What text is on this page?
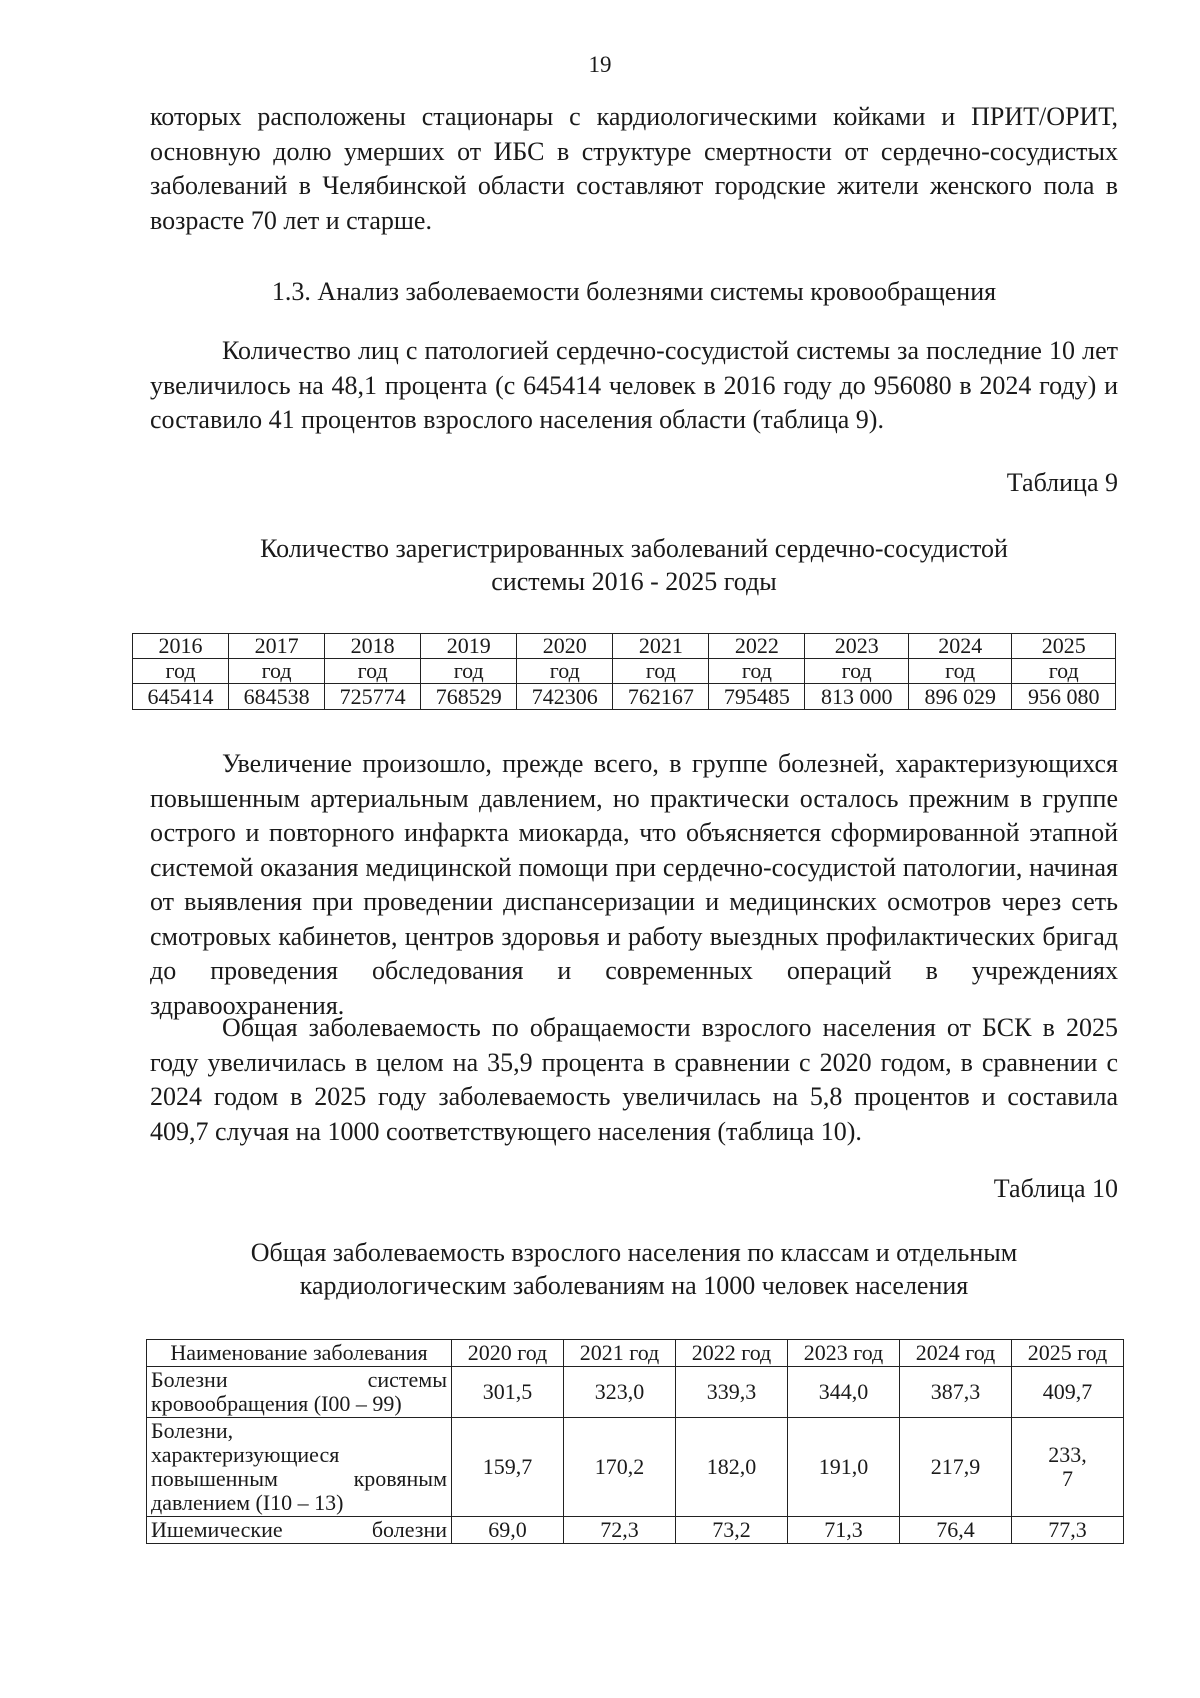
19

которых расположены стационары с кардиологическими койками и ПРИТ/ОРИТ, основную долю умерших от ИБС в структуре смертности от сердечно-сосудистых заболеваний в Челябинской области составляют городские жители женского пола в возрасте 70 лет и старше.

1.3. Анализ заболеваемости болезнями системы кровообращения

Количество лиц с патологией сердечно-сосудистой системы за последние 10 лет увеличилось на 48,1 процента (с 645414 человек в 2016 году до 956080 в 2024 году) и составило 41 процентов взрослого населения области (таблица 9).

Таблица 9
Количество зарегистрированных заболеваний сердечно-сосудистой
системы 2016 - 2025 годы
2016	2017	2018	2019	2020	2021	2022	2023	2024	2025
год	год	год	год	год	год	год	год	год	год
645414	684538	725774	768529	742306	762167	795485	813 000	896 029	956 080

Увеличение произошло, прежде всего, в группе болезней, характеризующихся повышенным артериальным давлением, но практически осталось прежним в группе острого и повторного инфаркта миокарда, что объясняется сформированной этапной системой оказания медицинской помощи при сердечно-сосудистой патологии, начиная от выявления при проведении диспансеризации и медицинских осмотров через сеть смотровых кабинетов, центров здоровья и работу выездных профилактических бригад до проведения обследования и современных операций в учреждениях здравоохранения.

Общая заболеваемость по обращаемости взрослого населения от БСК в 2025 году увеличилась в целом на 35,9 процента в сравнении с 2020 годом, в сравнении с 2024 годом в 2025 году заболеваемость увеличилась на 5,8 процентов и составила 409,7 случая на 1000 соответствующего населения (таблица 10).

Таблица 10
Общая заболеваемость взрослого населения по классам и отдельным
кардиологическим заболеваниям на 1000 человек населения
Наименование заболевания	2020 год	2021 год	2022 год	2023 год	2024 год	2025 год

Болезни системы
кровообращения (I00 – 99)	301,5	323,0	339,3	344,0	387,3	409,7

Болезни,
характеризующиеся
повышенным кровяным
давлением (I10 – 13)	159,7	170,2	182,0	191,0	217,9	233,
7

Ишемические болезни	69,0	72,3	73,2	71,3	76,4	77,3
